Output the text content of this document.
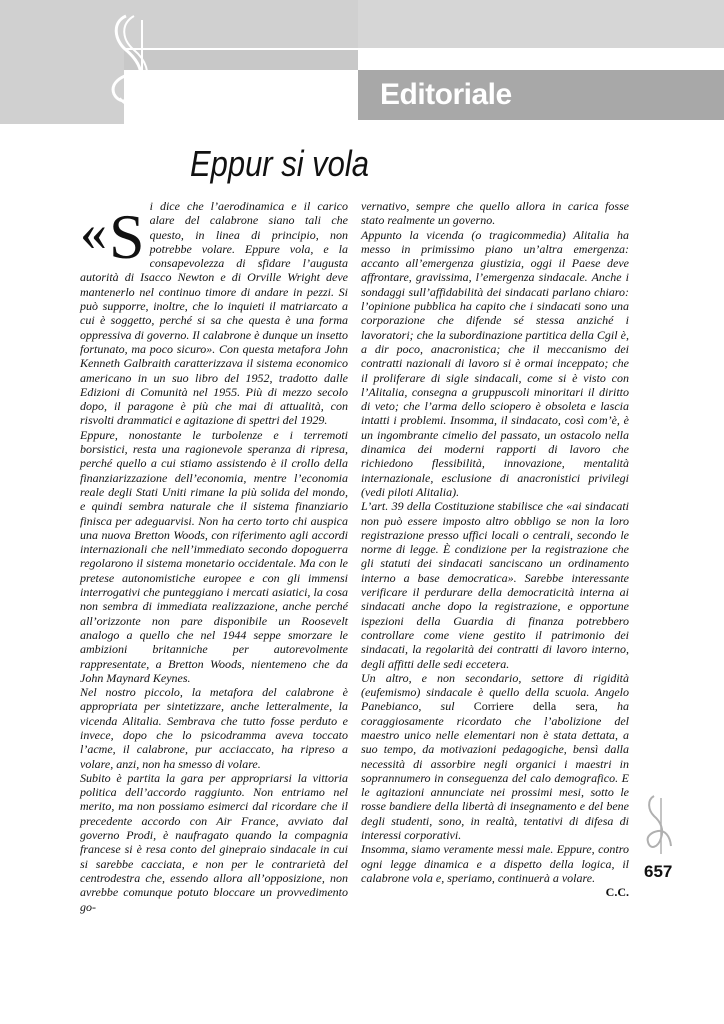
Editoriale
Eppur si vola

«S i dice che l’aerodinamica e il carico alare del calabrone siano tali che questo, in linea di principio, non potrebbe volare. Eppure vola, e la consapevolezza di sfidare l’augusta autorità di Isacco Newton e di Orville Wright deve mantenerlo nel continuo timore di andare in pezzi. Si può supporre, inoltre, che lo inquieti il matriarcato a cui è soggetto, perché si sa che questa è una forma oppressiva di governo. Il calabrone è dunque un insetto fortunato, ma poco sicuro». Con questa metafora John Kenneth Galbraith caratterizzava il sistema economico americano in un suo libro del 1952, tradotto dalle Edizioni di Comunità nel 1955. Più di mezzo secolo dopo, il paragone è più che mai di attualità, con risvolti drammatici e agitazione di spettri del 1929.

Eppure, nonostante le turbolenze e i terremoti borsistici, resta una ragionevole speranza di ripresa, perché quello a cui stiamo assistendo è il crollo della finanziarizzazione dell’economia, mentre l’economia reale degli Stati Uniti rimane la più solida del mondo, e quindi sembra naturale che il sistema finanziario finisca per adeguarvisi. Non ha certo torto chi auspica una nuova Bretton Woods, con riferimento agli accordi internazionali che nell’immediato secondo dopoguerra regolarono il sistema monetario occidentale. Ma con le pretese autonomistiche europee e con gli immensi interrogativi che punteggiano i mercati asiatici, la cosa non sembra di immediata realizzazione, anche perché all’orizzonte non pare disponibile un Roosevelt analogo a quello che nel 1944 seppe smorzare le ambizioni britanniche per autorevolmente rappresentate, a Bretton Woods, nientemeno che da John Maynard Keynes.

Nel nostro piccolo, la metafora del calabrone è appropriata per sintetizzare, anche letteralmente, la vicenda Alitalia. Sembrava che tutto fosse perduto e invece, dopo che lo psicodramma aveva toccato l’acme, il calabrone, pur acciaccato, ha ripreso a volare, anzi, non ha smesso di volare.

Subito è partita la gara per appropriarsi la vittoria politica dell’accordo raggiunto. Non entriamo nel merito, ma non possiamo esimerci dal ricordare che il precedente accordo con Air France, avviato dal governo Prodi, è naufragato quando la compagnia francese si è resa conto del ginepraio sindacale in cui si sarebbe cacciata, e non per le contrarietà del centrodestra che, essendo allora all’opposizione, non avrebbe comunque potuto bloccare un provvedimento go-

vernativo, sempre che quello allora in carica fosse stato realmente un governo.

Appunto la vicenda (o tragicommedia) Alitalia ha messo in primissimo piano un’altra emergenza: accanto all’emergenza giustizia, oggi il Paese deve affrontare, gravissima, l’emergenza sindacale. Anche i sondaggi sull’affidabilità dei sindacati parlano chiaro: l’opinione pubblica ha capito che i sindacati sono una corporazione che difende sé stessa anziché i lavoratori; che la subordinazione partitica della Cgil è, a dir poco, anacronistica; che il meccanismo dei contratti nazionali di lavoro si è ormai inceppato; che il proliferare di sigle sindacali, come si è visto con l’Alitalia, consegna a gruppuscoli minoritari il diritto di veto; che l’arma dello sciopero è obsoleta e lascia intatti i problemi. Insomma, il sindacato, così com’è, è un ingombrante cimelio del passato, un ostacolo nella dinamica dei moderni rapporti di lavoro che richiedono flessibilità, innovazione, mentalità internazionale, esclusione di anacronistici privilegi (vedi piloti Alitalia).

L’art. 39 della Costituzione stabilisce che «ai sindacati non può essere imposto altro obbligo se non la loro registrazione presso uffici locali o centrali, secondo le norme di legge. È condizione per la registrazione che gli statuti dei sindacati sanciscano un ordinamento interno a base democratica». Sarebbe interessante verificare il perdurare della democraticità interna ai sindacati anche dopo la registrazione, e opportune ispezioni della Guardia di finanza potrebbero controllare come viene gestito il patrimonio dei sindacati, la regolarità dei contratti di lavoro interno, degli affitti delle sedi eccetera.

Un altro, e non secondario, settore di rigidità (eufemismo) sindacale è quello della scuola. Angelo Panebianco, sul Corriere della sera, ha coraggiosamente ricordato che l’abolizione del maestro unico nelle elementari non è stata dettata, a suo tempo, da motivazioni pedagogiche, bensì dalla necessità di assorbire negli organici i maestri in soprannumero in conseguenza del calo demografico. E le agitazioni annunciate nei prossimi mesi, sotto le rosse bandiere della libertà di insegnamento e del bene degli studenti, sono, in realtà, tentativi di difesa di interessi corporativi.

Insomma, siamo veramente messi male. Eppure, contro ogni legge dinamica e a dispetto della logica, il calabrone vola e, speriamo, continuerà a volare.

C.C.

657
